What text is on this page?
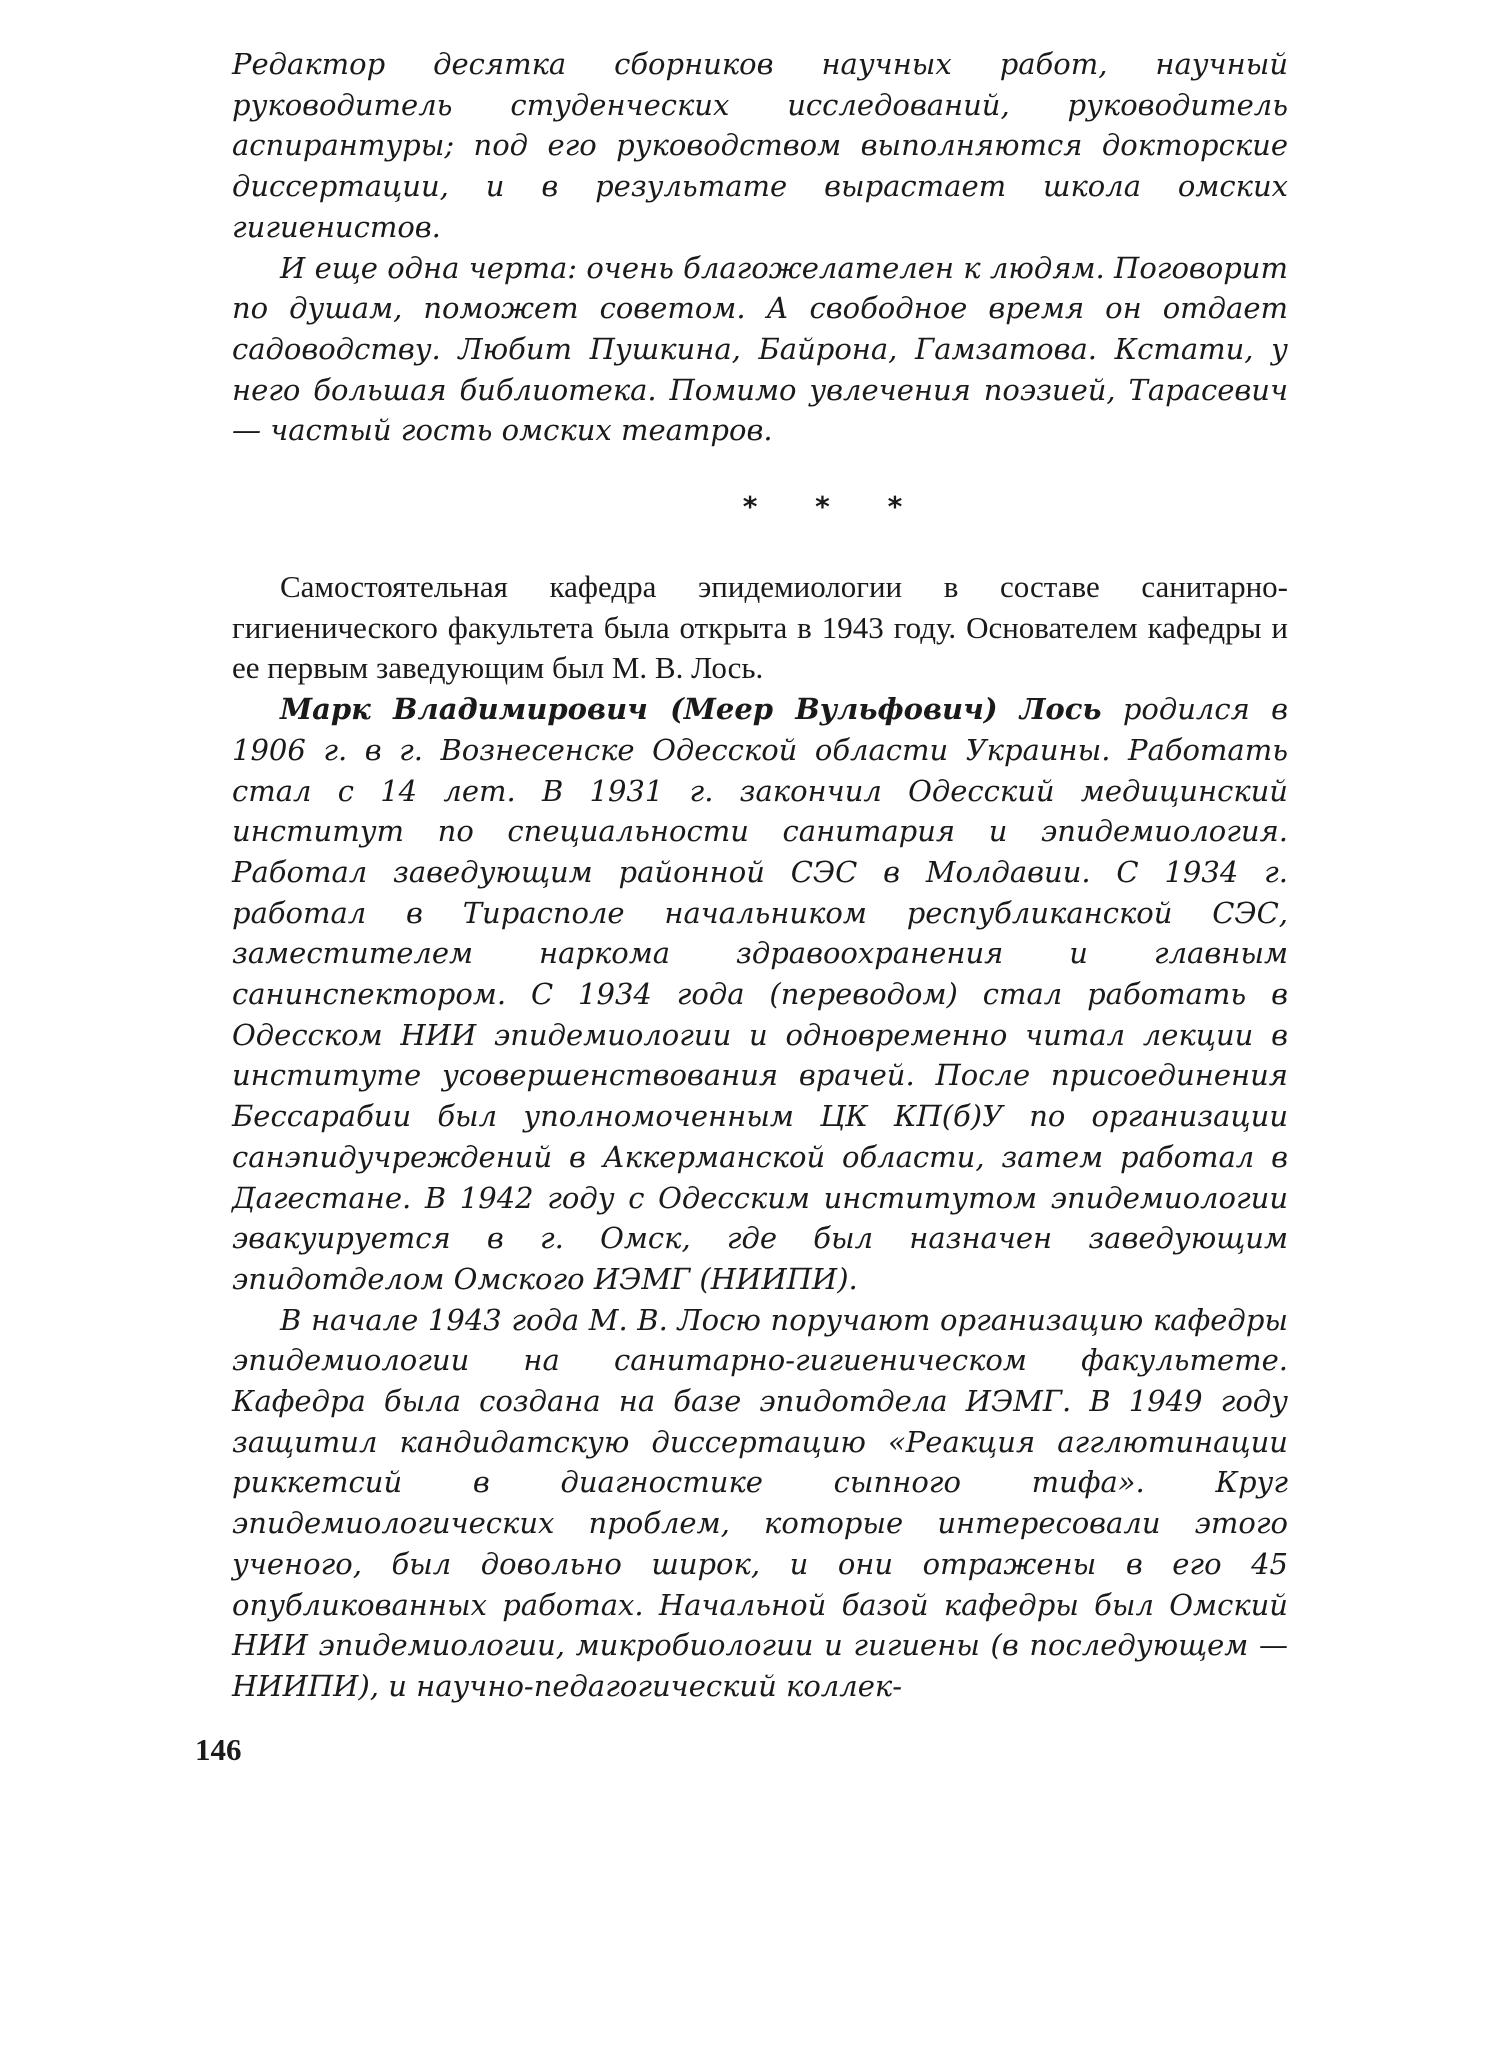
Редактор десятка сборников научных работ, научный руководитель студенческих исследований, руководитель аспирантуры; под его руководством выполняются докторские диссертации, и в результате вырастает школа омских гигиенистов.

И еще одна черта: очень благожелателен к людям. Поговорит по душам, поможет советом. А свободное время он отдает садоводству. Любит Пушкина, Байрона, Гамзатова. Кстати, у него большая библиотека. Помимо увлечения поэзией, Тарасевич — частый гость омских театров.

* * *

Самостоятельная кафедра эпидемиологии в составе санитарно-гигиенического факультета была открыта в 1943 году. Основателем кафедры и ее первым заведующим был М. В. Лось.

Марк Владимирович (Меер Вульфович) Лось родился в 1906 г. в г. Вознесенске Одесской области Украины. Работать стал с 14 лет. В 1931 г. закончил Одесский медицинский институт по специальности санитария и эпидемиология. Работал заведующим районной СЭС в Молдавии. С 1934 г. работал в Тирасполе начальником республиканской СЭС, заместителем наркома здравоохранения и главным санинспектором. С 1934 года (переводом) стал работать в Одесском НИИ эпидемиологии и одновременно читал лекции в институте усовершенствования врачей. После присоединения Бессарабии был уполномоченным ЦК КП(б)У по организации санэпидучреждений в Аккерманской области, затем работал в Дагестане. В 1942 году с Одесским институтом эпидемиологии эвакуируется в г. Омск, где был назначен заведующим эпидотделом Омского ИЭМГ (НИИПИ).

В начале 1943 года М. В. Лосю поручают организацию кафедры эпидемиологии на санитарно-гигиеническом факультете. Кафедра была создана на базе эпидотдела ИЭМГ. В 1949 году защитил кандидатскую диссертацию «Реакция агглютинации риккетсий в диагностике сыпного тифа». Круг эпидемиологических проблем, которые интересовали этого ученого, был довольно широк, и они отражены в его 45 опубликованных работах. Начальной базой кафедры был Омский НИИ эпидемиологии, микробиологии и гигиены (в последующем — НИИПИ), и научно-педагогический коллек-

146
